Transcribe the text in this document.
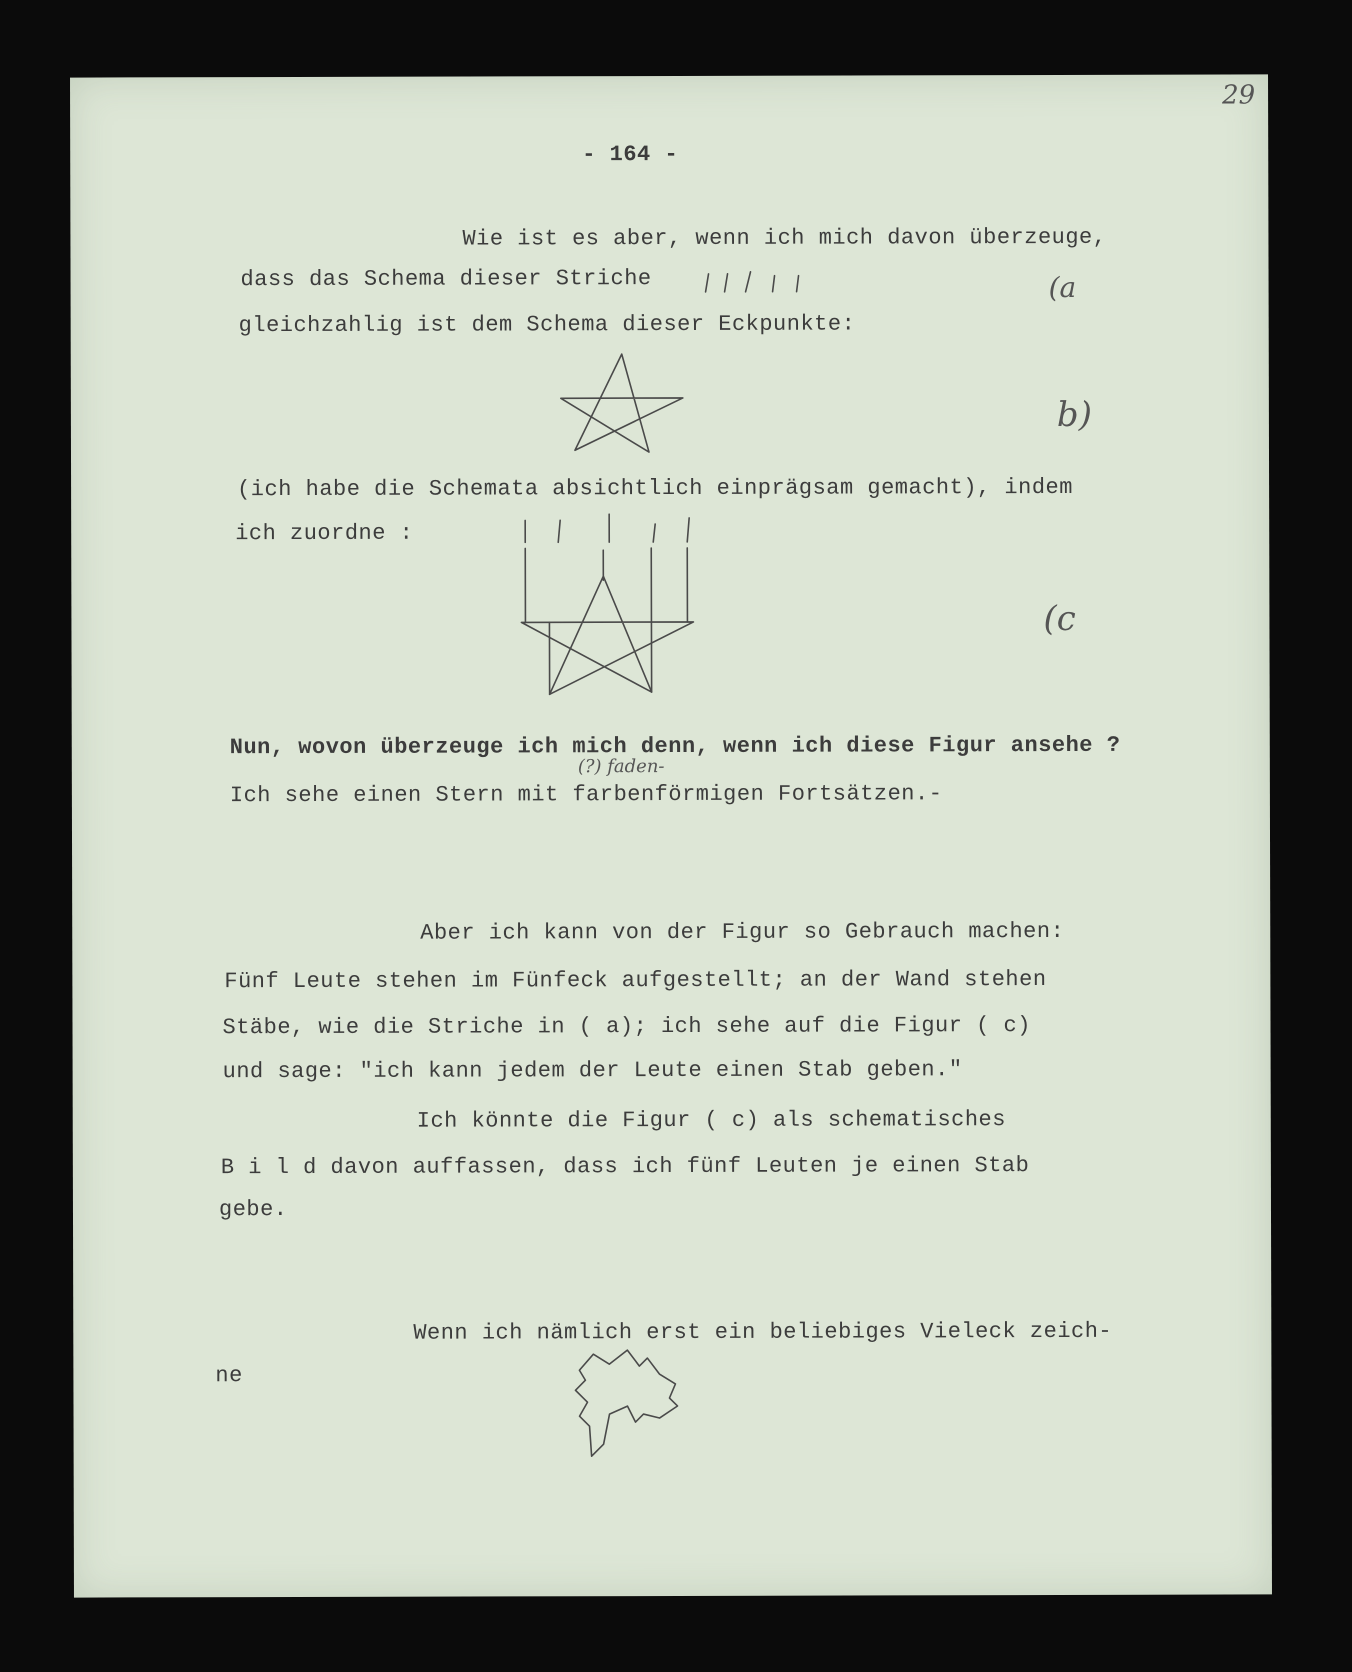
29
- 164 -
Wie ist es aber, wenn ich mich davon überzeuge,
dass das Schema dieser Striche	(a
gleichzahlig ist dem Schema dieser Eckpunkte:
b)
(ich habe die Schemata absichtlich einprägsam gemacht), indem
ich zuordne :
(c
Nun, wovon überzeuge ich mich denn, wenn ich diese Figur ansehe ?
(?) faden-
Ich sehe einen Stern mit farbenförmigen Fortsätzen.-
Aber ich kann von der Figur so Gebrauch machen:
Fünf Leute stehen im Fünfeck aufgestellt; an der Wand stehen
Stäbe, wie die Striche in ( a); ich sehe auf die Figur ( c)
und sage: "ich kann jedem der Leute einen Stab geben."
Ich könnte die Figur ( c) als schematisches
B i l d davon auffassen, dass ich fünf Leuten je einen Stab
gebe.
Wenn ich nämlich erst ein beliebiges Vieleck zeich-
ne
